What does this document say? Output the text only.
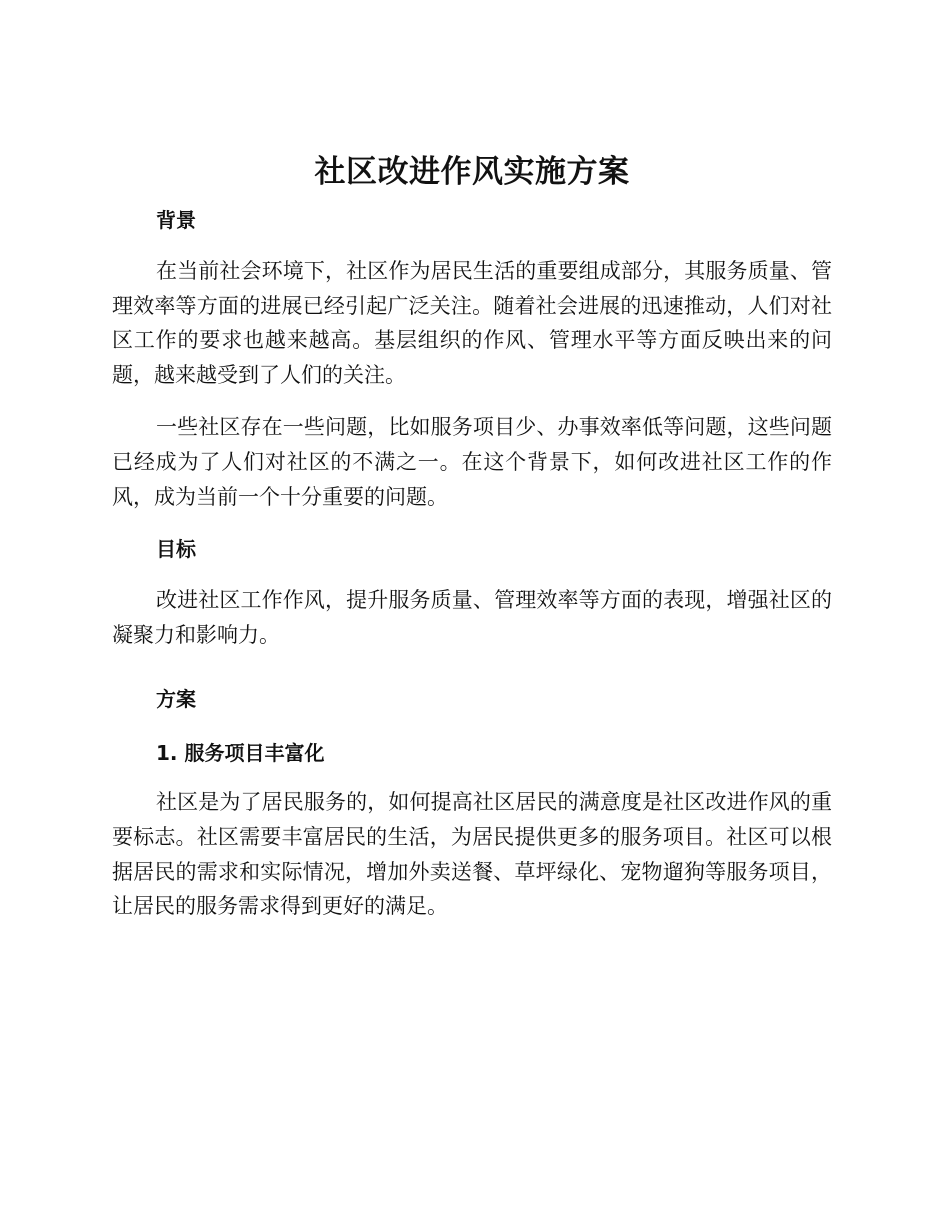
社区改进作风实施方案
背景

在当前社会环境下，社区作为居民生活的重要组成部分，其服务质量、管理效率等方面的进展已经引起广泛关注。随着社会进展的迅速推动，人们对社区工作的要求也越来越高。基层组织的作风、管理水平等方面反映出来的问题，越来越受到了人们的关注。

一些社区存在一些问题，比如服务项目少、办事效率低等问题，这些问题已经成为了人们对社区的不满之一。在这个背景下，如何改进社区工作的作风，成为当前一个十分重要的问题。

目标

改进社区工作作风，提升服务质量、管理效率等方面的表现，增强社区的凝聚力和影响力。

方案
1. 服务项目丰富化

社区是为了居民服务的，如何提高社区居民的满意度是社区改进作风的重要标志。社区需要丰富居民的生活，为居民提供更多的服务项目。社区可以根据居民的需求和实际情况，增加外卖送餐、草坪绿化、宠物遛狗等服务项目，让居民的服务需求得到更好的满足。
